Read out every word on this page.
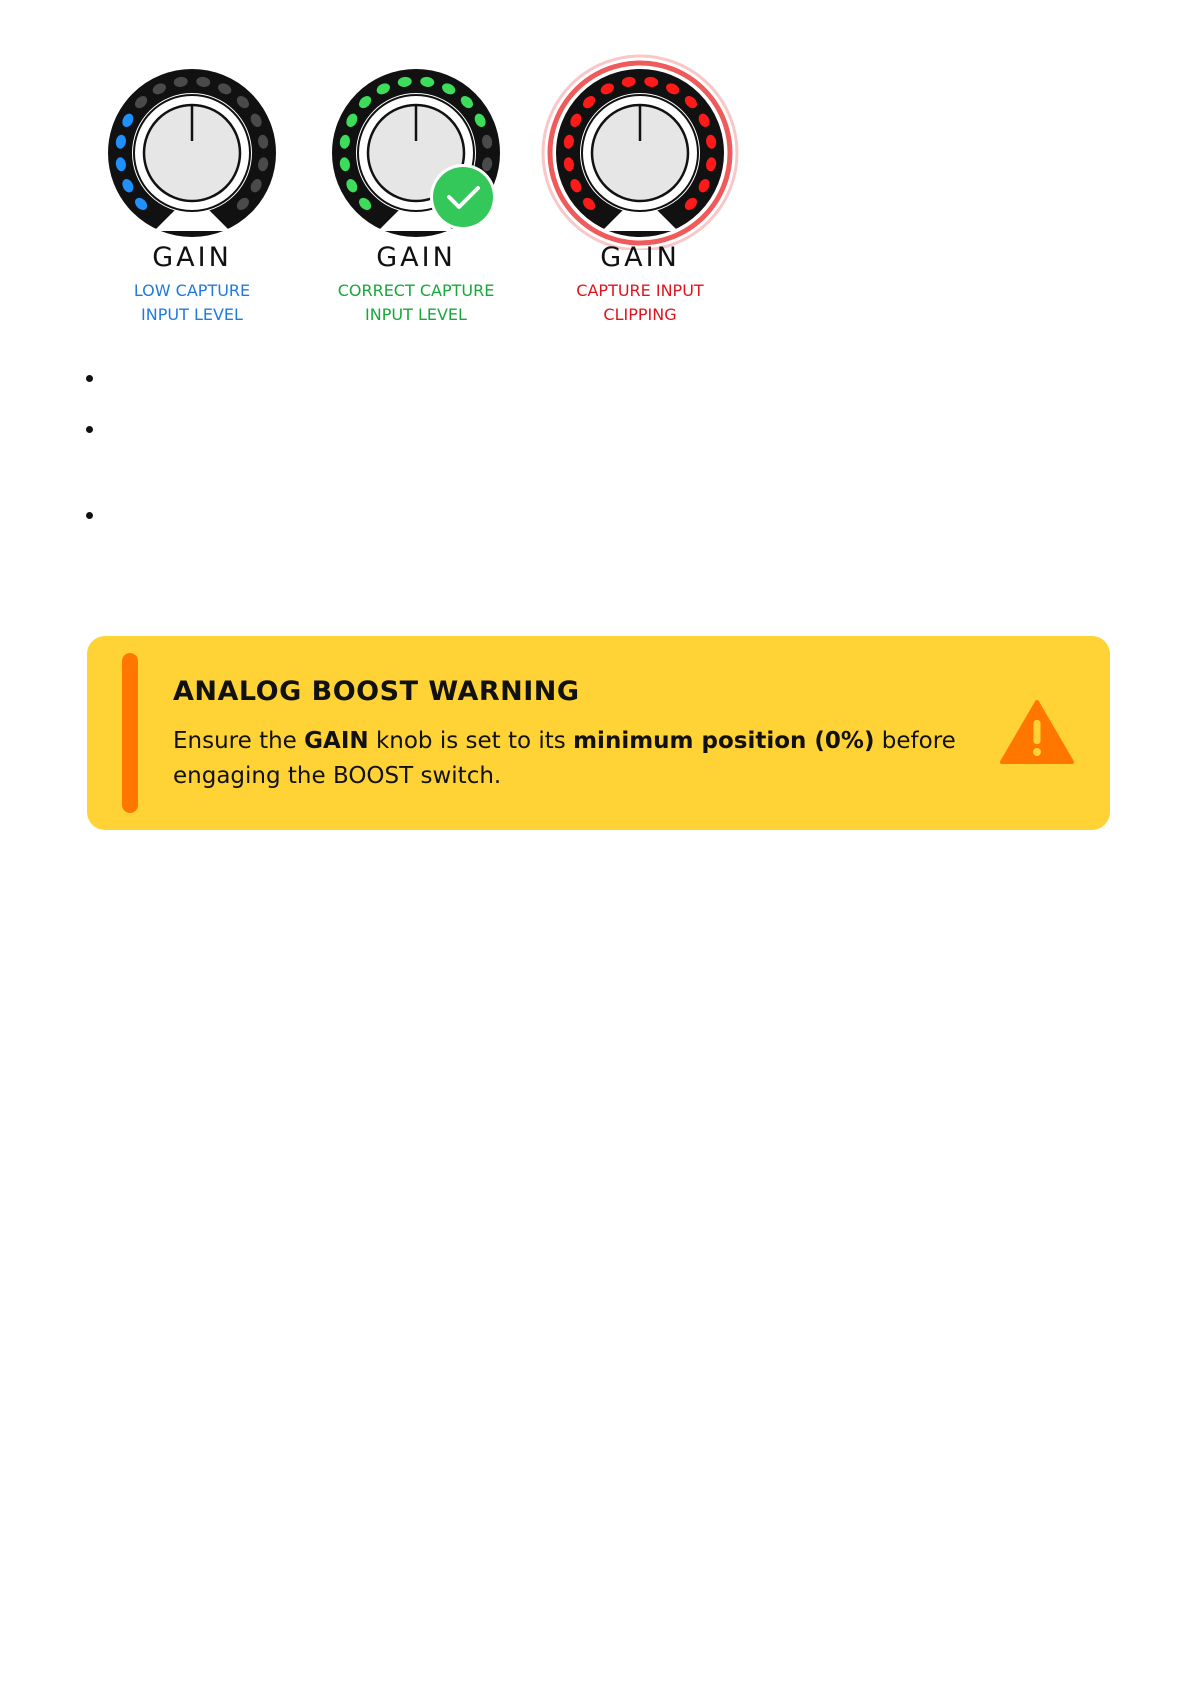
GAIN
LOW CAPTURE
INPUT LEVEL
GAIN
CORRECT CAPTURE
INPUT LEVEL
GAIN
CAPTURE INPUT
CLIPPING
ANALOG BOOST WARNING
Ensure the GAIN knob is set to its minimum position (0%) before engaging the BOOST switch.
